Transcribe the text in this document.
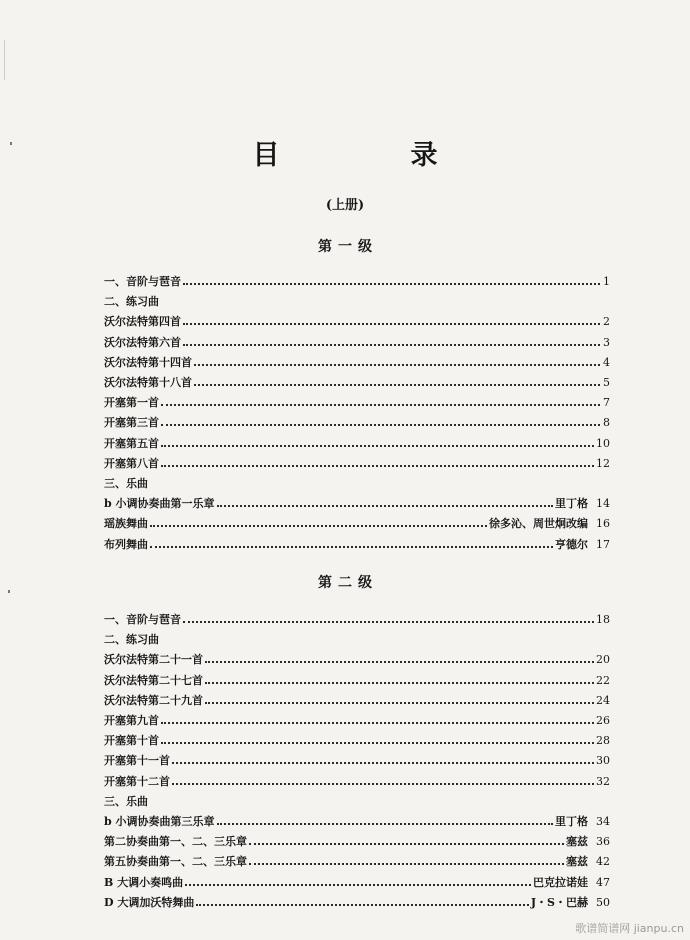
目　录
(上册)
第一级
一、音阶与琶音	1
二、练习曲
沃尔法特第四首	2
沃尔法特第六首	3
沃尔法特第十四首	4
沃尔法特第十八首	5
开塞第一首	7
开塞第三首	8
开塞第五首	10
开塞第八首	12
三、乐曲
b 小调协奏曲第一乐章	里丁格 14
瑶族舞曲	徐多沁、周世炯改编 16
布列舞曲	亨德尔 17
第二级
一、音阶与琶音	18
二、练习曲
沃尔法特第二十一首	20
沃尔法特第二十七首	22
沃尔法特第二十九首	24
开塞第九首	26
开塞第十首	28
开塞第十一首	30
开塞第十二首	32
三、乐曲
b 小调协奏曲第三乐章	里丁格 34
第二协奏曲第一、二、三乐章	塞兹 36
第五协奏曲第一、二、三乐章	塞兹 42
B 大调小奏鸣曲	巴克拉诺娃 47
D 大调加沃特舞曲	J・S・巴赫 50
歌谱简谱网 jianpu.cn
